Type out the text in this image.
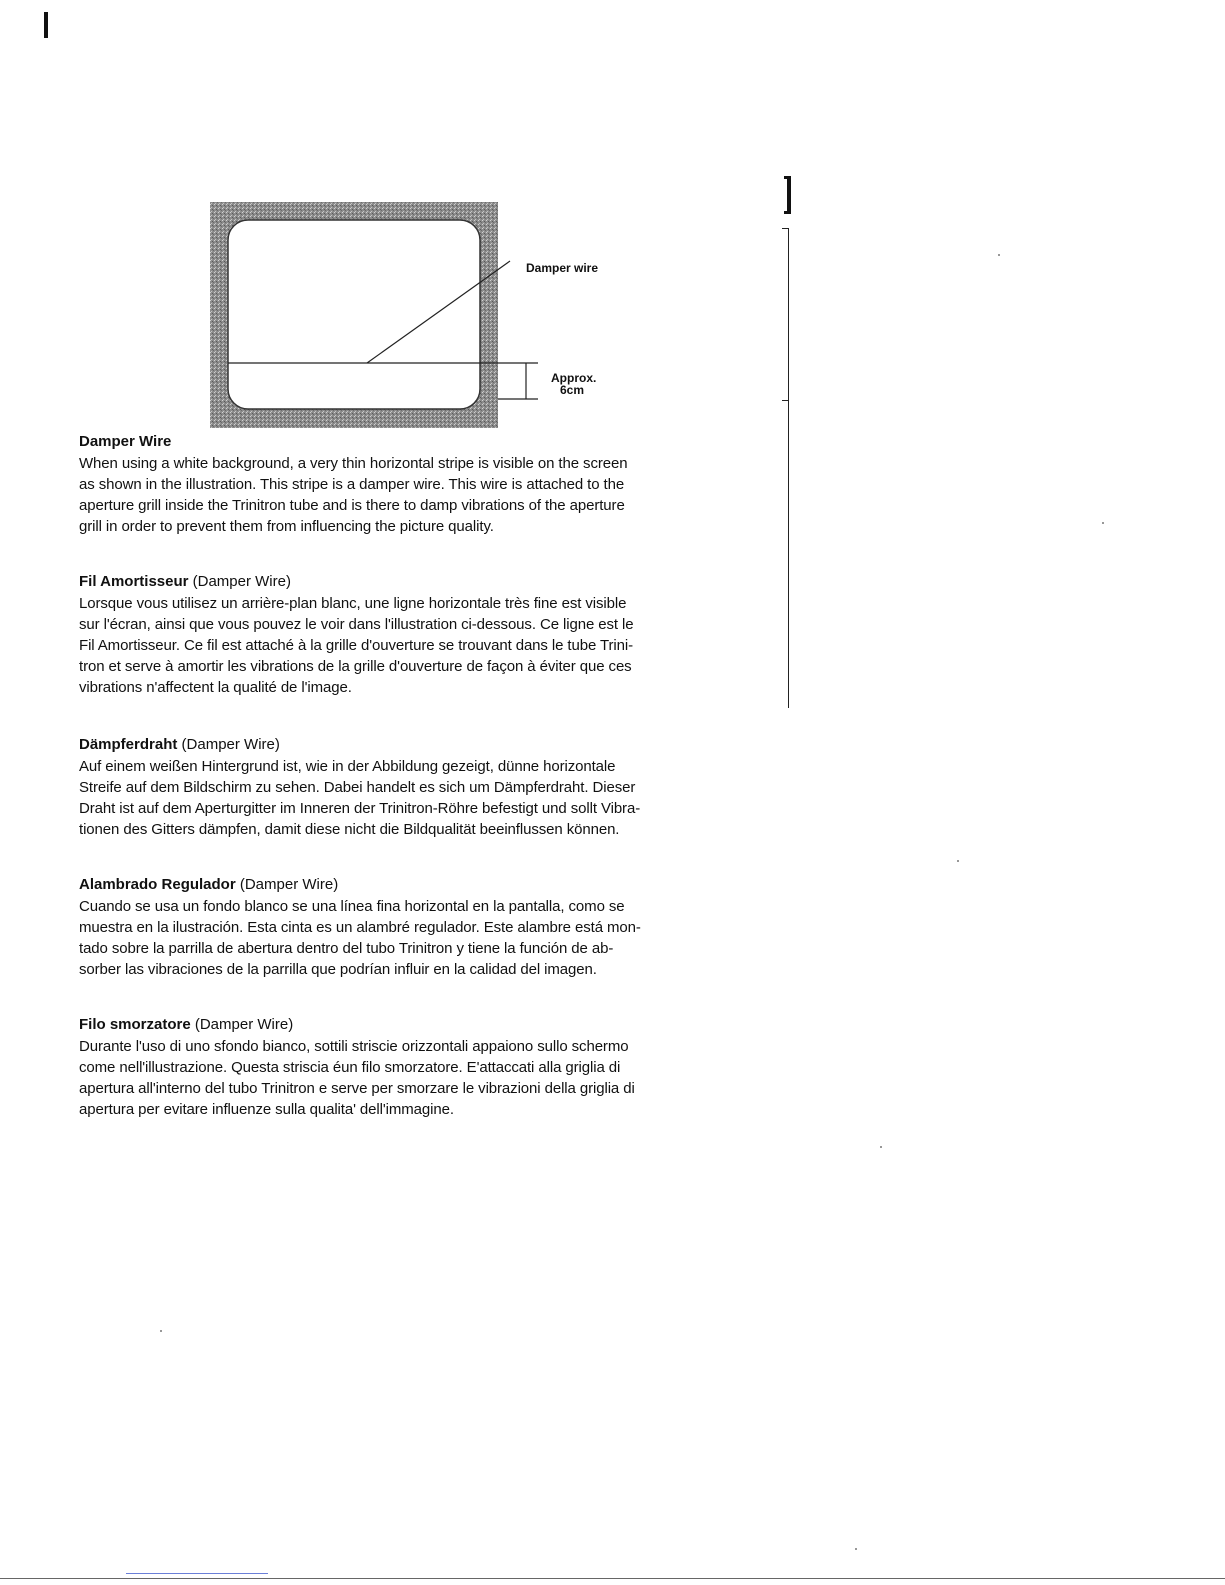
Damper wire
Approx.
6cm
Damper Wire

When using a white background, a very thin horizontal stripe is visible on the screen
as shown in the illustration. This stripe is a damper wire. This wire is attached to the
aperture grill inside the Trinitron tube and is there to damp vibrations of the aperture
grill in order to prevent them from influencing the picture quality.

Fil Amortisseur (Damper Wire)

Lorsque vous utilisez un arrière-plan blanc, une ligne horizontale très fine est visible
sur l'écran, ainsi que vous pouvez le voir dans l'illustration ci-dessous. Ce ligne est le
Fil Amortisseur. Ce fil est attaché à la grille d'ouverture se trouvant dans le tube Trini-
tron et serve à amortir les vibrations de la grille d'ouverture de façon à éviter que ces
vibrations n'affectent la qualité de l'image.

Dämpferdraht (Damper Wire)

Auf einem weißen Hintergrund ist, wie in der Abbildung gezeigt, dünne horizontale
Streife auf dem Bildschirm zu sehen. Dabei handelt es sich um Dämpferdraht. Dieser
Draht ist auf dem Aperturgitter im Inneren der Trinitron-Röhre befestigt und sollt Vibra-
tionen des Gitters dämpfen, damit diese nicht die Bildqualität beeinflussen können.

Alambrado Regulador (Damper Wire)

Cuando se usa un fondo blanco se una línea fina horizontal en la pantalla, como se
muestra en la ilustración. Esta cinta es un alambré regulador. Este alambre está mon-
tado sobre la parrilla de abertura dentro del tubo Trinitron y tiene la función de ab-
sorber las vibraciones de la parrilla que podrían influir en la calidad del imagen.

Filo smorzatore (Damper Wire)

Durante l'uso di uno sfondo bianco, sottili striscie orizzontali appaiono sullo schermo
come nell'illustrazione. Questa striscia éun filo smorzatore. E'attaccati alla griglia di
apertura all'interno del tubo Trinitron e serve per smorzare le vibrazioni della griglia di
apertura per evitare influenze sulla qualita' dell'immagine.
